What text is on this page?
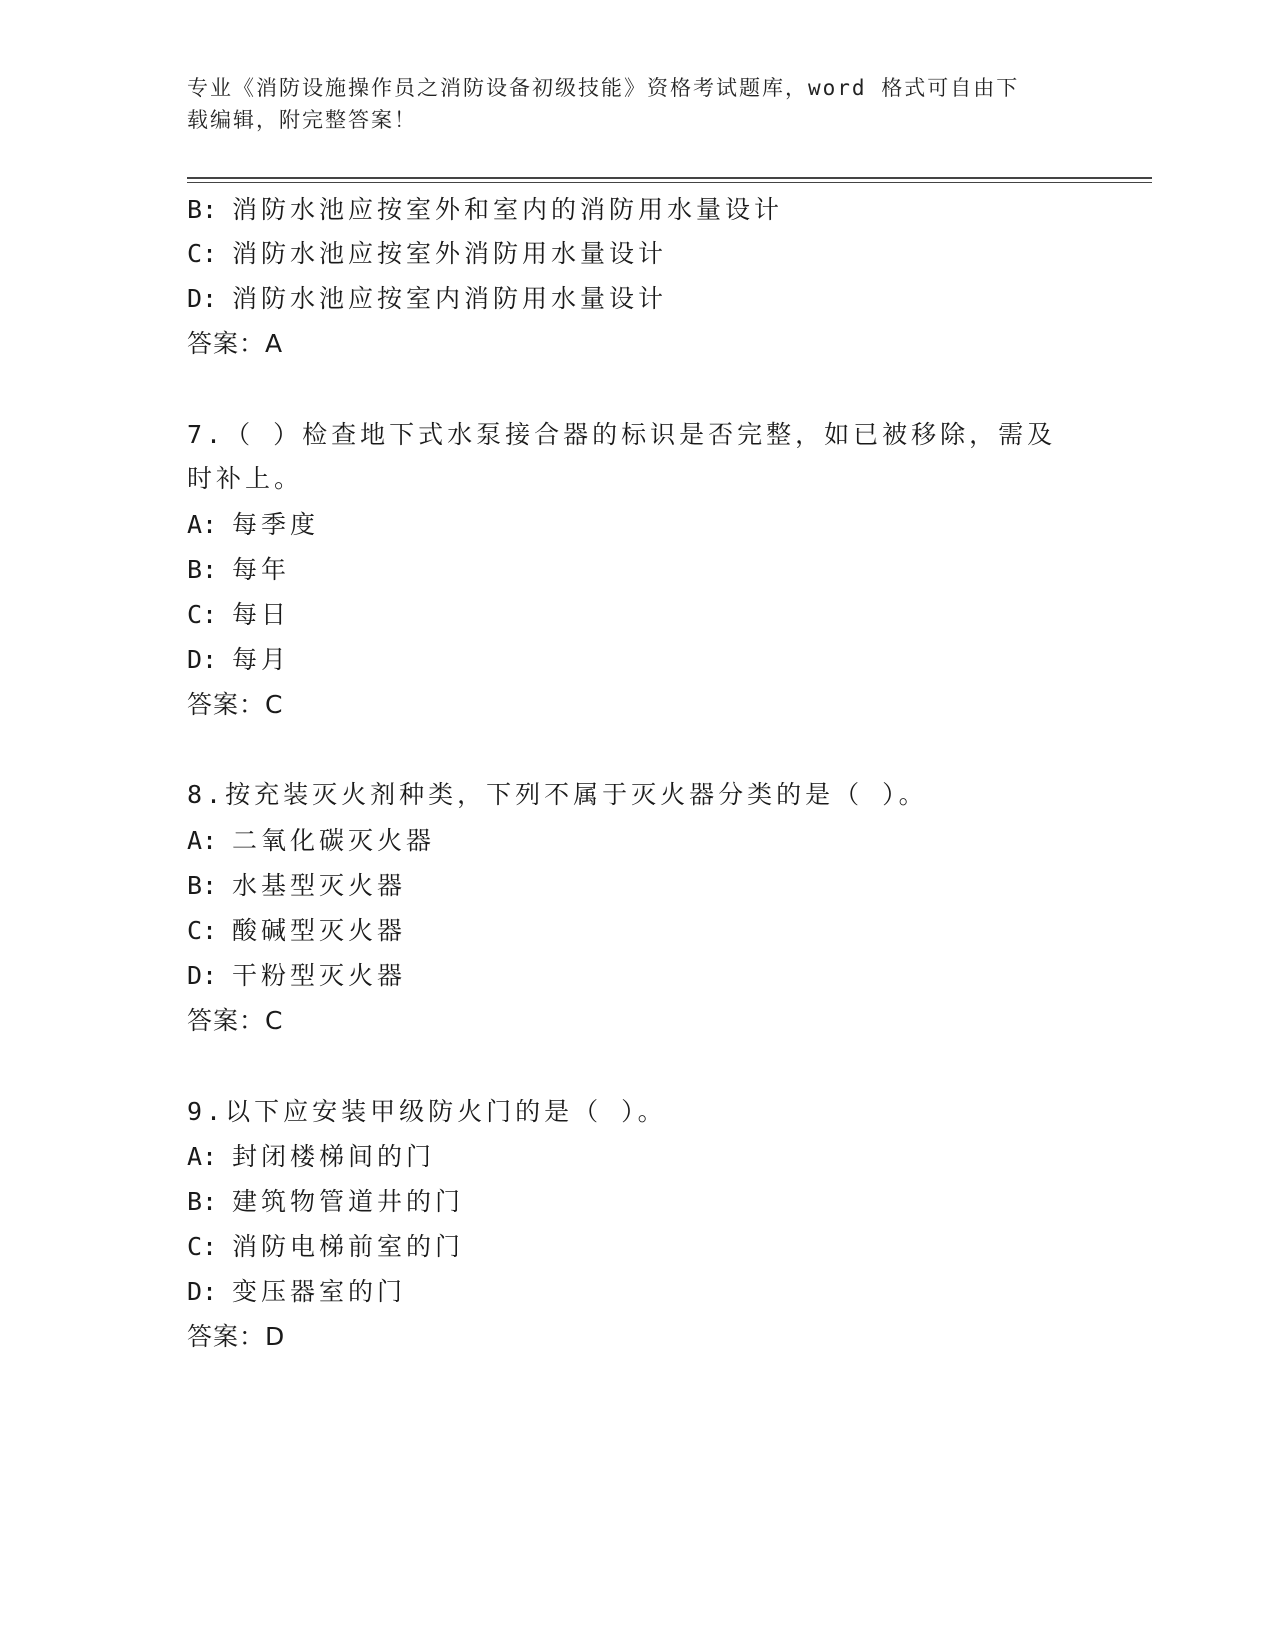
专业《消防设施操作员之消防设备初级技能》资格考试题库，word 格式可自由下
载编辑，附完整答案！
B: 消防水池应按室外和室内的消防用水量设计
C: 消防水池应按室外消防用水量设计
D: 消防水池应按室内消防用水量设计
答案：A
7.（ ）检查地下式水泵接合器的标识是否完整，如已被移除，需及
时补上。
A: 每季度
B: 每年
C: 每日
D: 每月
答案：C
8.按充装灭火剂种类，下列不属于灭火器分类的是（ ）。
A: 二氧化碳灭火器
B: 水基型灭火器
C: 酸碱型灭火器
D: 干粉型灭火器
答案：C
9.以下应安装甲级防火门的是（ ）。
A: 封闭楼梯间的门
B: 建筑物管道井的门
C: 消防电梯前室的门
D: 变压器室的门
答案：D
